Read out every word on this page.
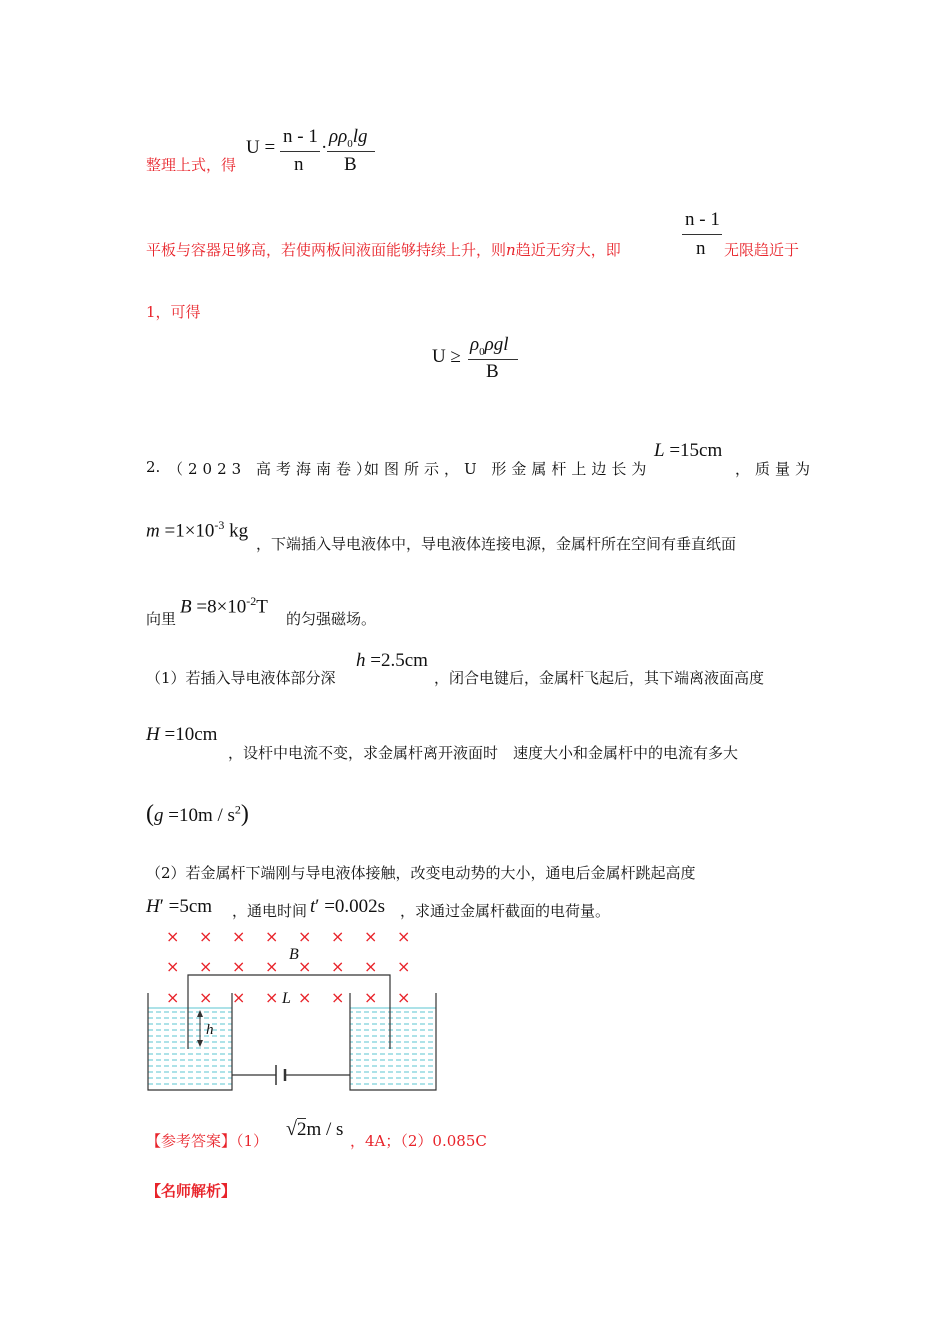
整理上式，得
U =
n - 1
n
·
$\rho\rho_0\lg$
B
平板与容器足够高，若使两板间液面能够持续上升，则n趋近无穷大，即
n - 1
n 无限趋近于
1，可得
U ≥
$\rho_0\rho gl$
B
2. （2023 高考海南卷）
如图所示，U 形金属杆上边长为
L =15cm
，质量为
$m =1\times 10^{-3}$ kg
，下端插入导电液体中，导电液体连接电源，金属杆所在空间有垂直纸面
向里
$B =8\times 10^{-2}T$
的匀强磁场。
（1）若插入导电液体部分深
h =2.5cm
，闭合电键后，金属杆飞起后，其下端离液面高度
H =10cm
，设杆中电流不变，求金属杆离开液面时　速度大小和金属杆中的电流有多大
$(g =10m / s^2)$
（2）若金属杆下端刚与导电液体接触，改变电动势的大小，通电后金属杆跳起高度
H′ =5cm ，通电时间 t′ =0.002s ，求通过金属杆截面的电荷量。
× × × × × × × ×
× × × × × × × ×
× × × × × × × ×
B
L
h
【参考答案】（1）
√2m / s
，4A；（2）0.085C
【名师解析】
